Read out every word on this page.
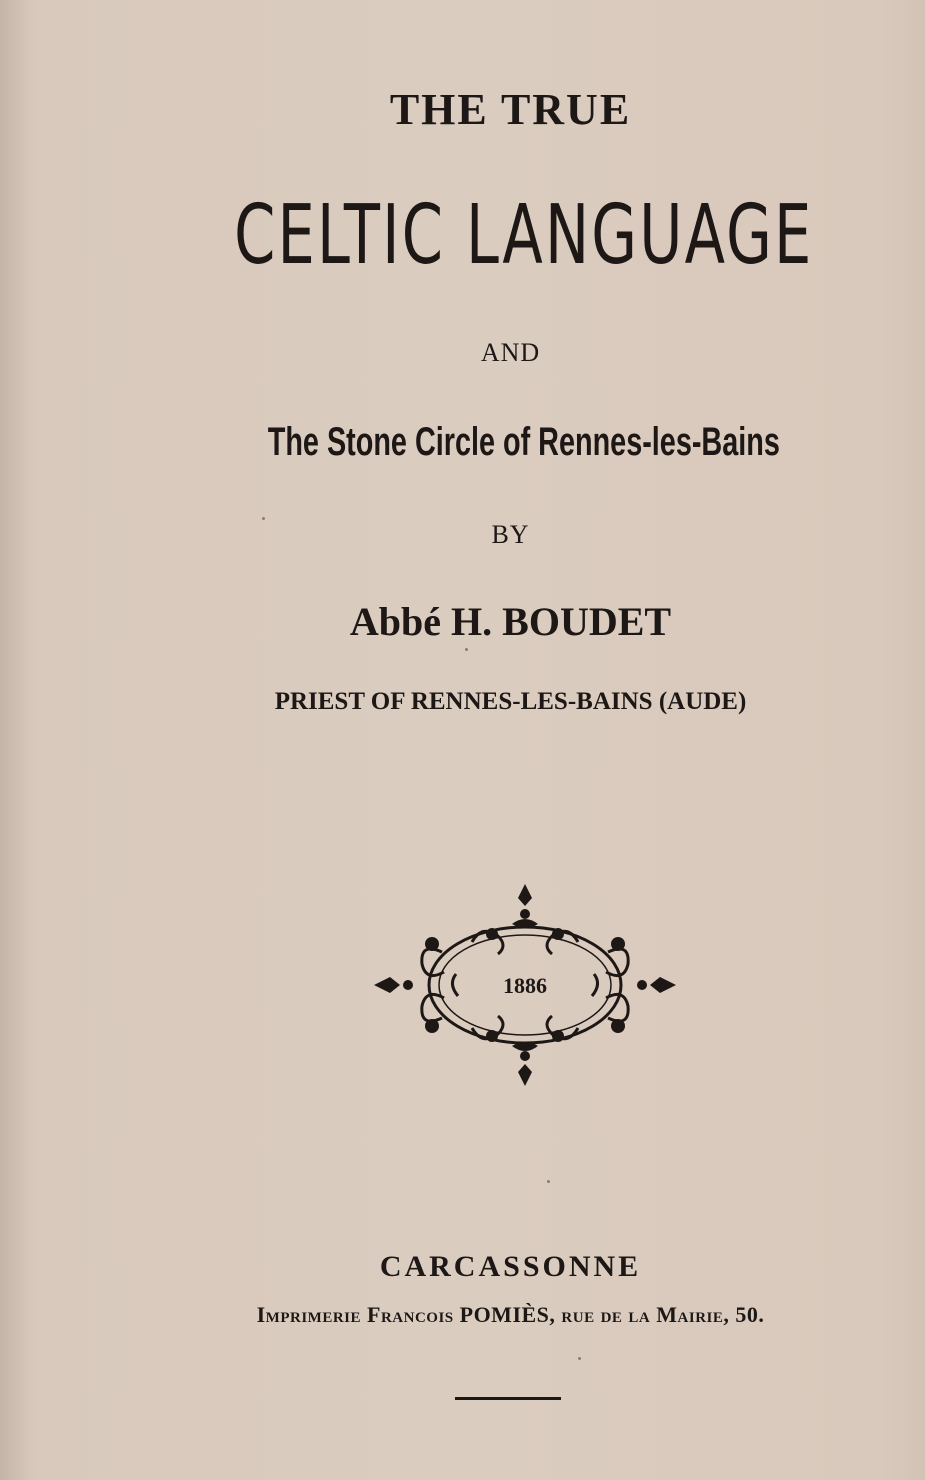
THE TRUE
CELTIC LANGUAGE
AND
The Stone Circle of Rennes-les-Bains
BY
Abbé H. BOUDET
PRIEST OF RENNES-LES-BAINS (AUDE)
1886
CARCASSONNE
Imprimerie Francois POMIÈS, rue de la Mairie, 50.
